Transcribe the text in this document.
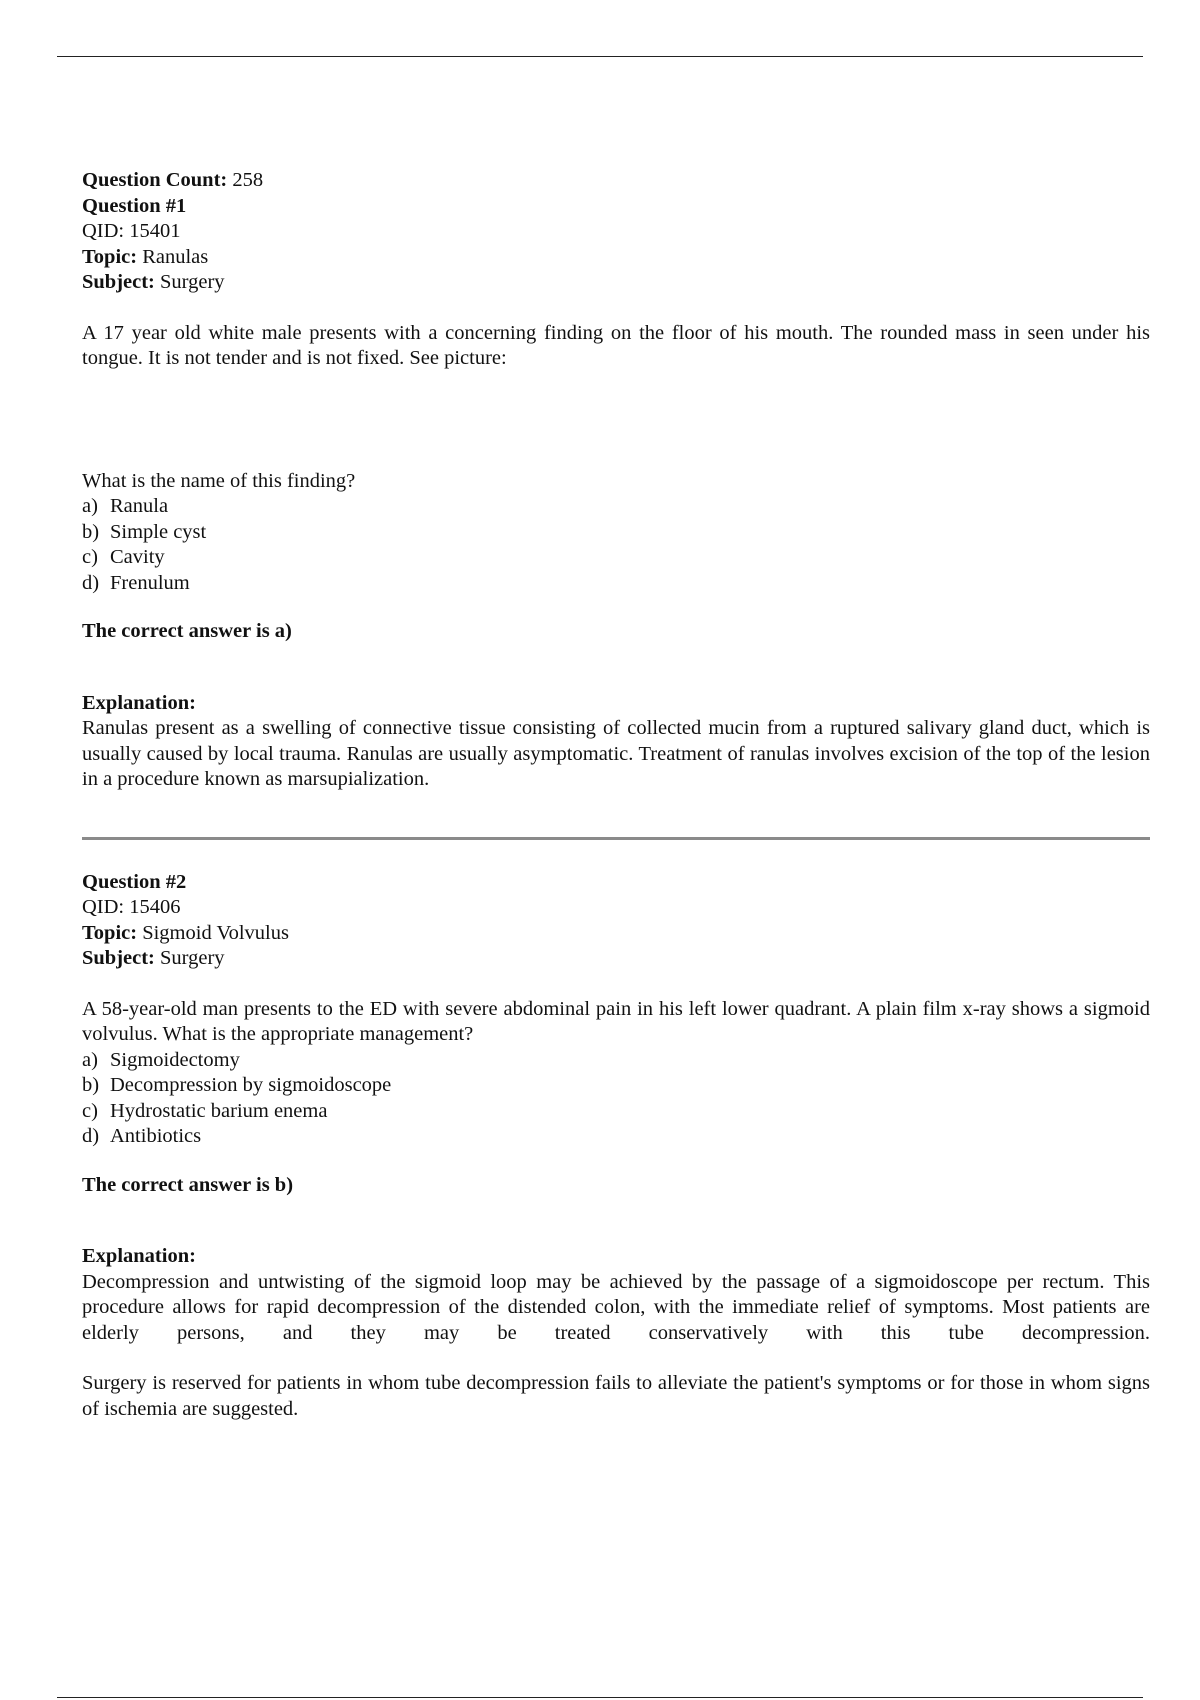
Question Count: 258
Question #1
QID: 15401
Topic: Ranulas
Subject: Surgery
A 17 year old white male presents with a concerning finding on the floor of his mouth. The rounded mass in seen under his tongue. It is not tender and is not fixed. See picture:
What is the name of this finding?
a) Ranula
b) Simple cyst
c) Cavity
d) Frenulum
The correct answer is a)
Explanation:
Ranulas present as a swelling of connective tissue consisting of collected mucin from a ruptured salivary gland duct, which is usually caused by local trauma. Ranulas are usually asymptomatic. Treatment of ranulas involves excision of the top of the lesion in a procedure known as marsupialization.
Question #2
QID: 15406
Topic: Sigmoid Volvulus
Subject: Surgery
A 58-year-old man presents to the ED with severe abdominal pain in his left lower quadrant. A plain film x-ray shows a sigmoid volvulus. What is the appropriate management?
a) Sigmoidectomy
b) Decompression by sigmoidoscope
c) Hydrostatic barium enema
d) Antibiotics
The correct answer is b)
Explanation:
Decompression and untwisting of the sigmoid loop may be achieved by the passage of a sigmoidoscope per rectum. This procedure allows for rapid decompression of the distended colon, with the immediate relief of symptoms. Most patients are elderly persons, and they may be treated conservatively with this tube decompression.
Surgery is reserved for patients in whom tube decompression fails to alleviate the patient's symptoms or for those in whom signs of ischemia are suggested.
